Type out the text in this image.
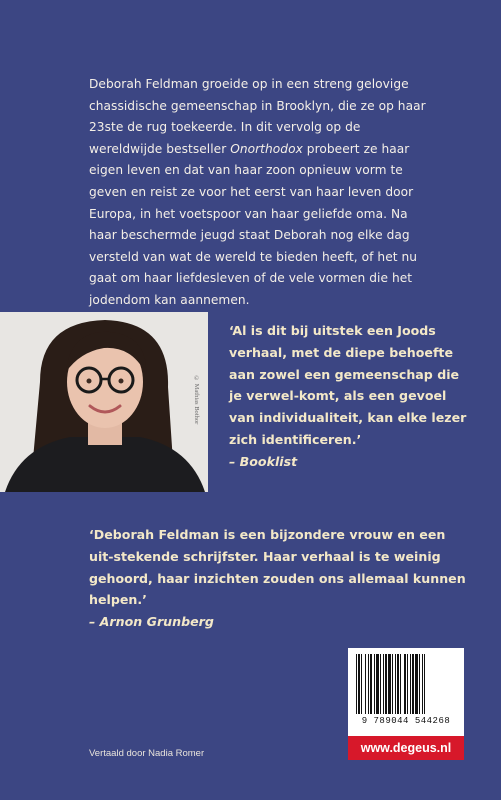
Deborah Feldman groeide op in een streng gelovige chassidische gemeenschap in Brooklyn, die ze op haar 23ste de rug toekeerde. In dit vervolg op de wereldwijde bestseller Onorthodox probeert ze haar eigen leven en dat van haar zoon opnieuw vorm te geven en reist ze voor het eerst van haar leven door Europa, in het voetspoor van haar geliefde oma. Na haar beschermde jeugd staat Deborah nog elke dag versteld van wat de wereld te bieden heeft, of het nu gaat om haar liefdesleven of de vele vormen die het jodendom kan aannemen.
© Mathias Bothor
‘Al is dit bij uitstek een Joods verhaal, met de diepe behoefte aan zowel een gemeenschap die je verwel-komt, als een gevoel van individualiteit, kan elke lezer zich identificeren.’
– Booklist
‘Deborah Feldman is een bijzondere vrouw en een uit-stekende schrijfster. Haar verhaal is te weinig gehoord, haar inzichten zouden ons allemaal kunnen helpen.’
– Arnon Grunberg
Vertaald door Nadia Romer
9 789044 544268
www.degeus.nl
